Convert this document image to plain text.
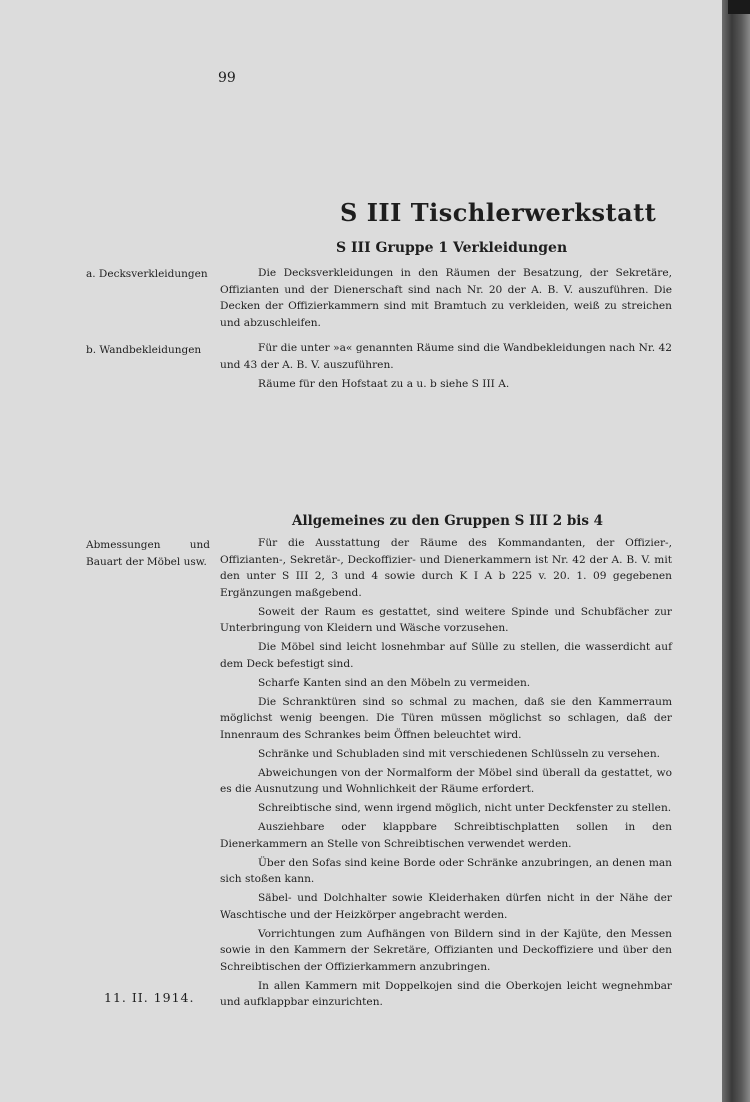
99
S III Tischlerwerkstatt
S III Gruppe 1 Verkleidungen
a. Decksverkleidungen	Die Decksverkleidungen in den Räumen der Besatzung, der Sekretäre, Offizianten und der Dienerschaft sind nach Nr. 20 der A. B. V. auszuführen. Die Decken der Offizierkammern sind mit Bramtuch zu verkleiden, weiß zu streichen und abzuschleifen.

b. Wandbekleidungen	Für die unter »a« genannten Räume sind die Wandbekleidungen nach Nr. 42 und 43 der A. B. V. auszuführen.

Räume für den Hofstaat zu a u. b siehe S III A.

Allgemeines zu den Gruppen S III 2 bis 4
Abmessungen und Bauart der Möbel usw.

Für die Ausstattung der Räume des Kommandanten, der Offizier-, Offizianten-, Sekretär-, Deckoffizier- und Dienerkammern ist Nr. 42 der A. B. V. mit den unter S III 2, 3 und 4 sowie durch K I A b 225 v. 20. 1. 09 gegebenen Ergänzungen maßgebend.

Soweit der Raum es gestattet, sind weitere Spinde und Schubfächer zur Unterbringung von Kleidern und Wäsche vorzusehen.

Die Möbel sind leicht losnehmbar auf Sülle zu stellen, die wasserdicht auf dem Deck befestigt sind.

Scharfe Kanten sind an den Möbeln zu vermeiden.

Die Schranktüren sind so schmal zu machen, daß sie den Kammerraum möglichst wenig beengen. Die Türen müssen möglichst so schlagen, daß der Innenraum des Schrankes beim Öffnen beleuchtet wird.

Schränke und Schubladen sind mit verschiedenen Schlüsseln zu versehen.

Abweichungen von der Normalform der Möbel sind überall da gestattet, wo es die Ausnutzung und Wohnlichkeit der Räume erfordert.

Schreibtische sind, wenn irgend möglich, nicht unter Deckfenster zu stellen.

Ausziehbare oder klappbare Schreibtischplatten sollen in den Dienerkammern an Stelle von Schreibtischen verwendet werden.

Über den Sofas sind keine Borde oder Schränke anzubringen, an denen man sich stoßen kann.

Säbel- und Dolchhalter sowie Kleiderhaken dürfen nicht in der Nähe der Waschtische und der Heizkörper angebracht werden.

Vorrichtungen zum Aufhängen von Bildern sind in der Kajüte, den Messen sowie in den Kammern der Sekretäre, Offizianten und Deckoffiziere und über den Schreibtischen der Offizierkammern anzubringen.

In allen Kammern mit Doppelkojen sind die Oberkojen leicht wegnehmbar und aufklappbar einzurichten.

11. II. 1914.
